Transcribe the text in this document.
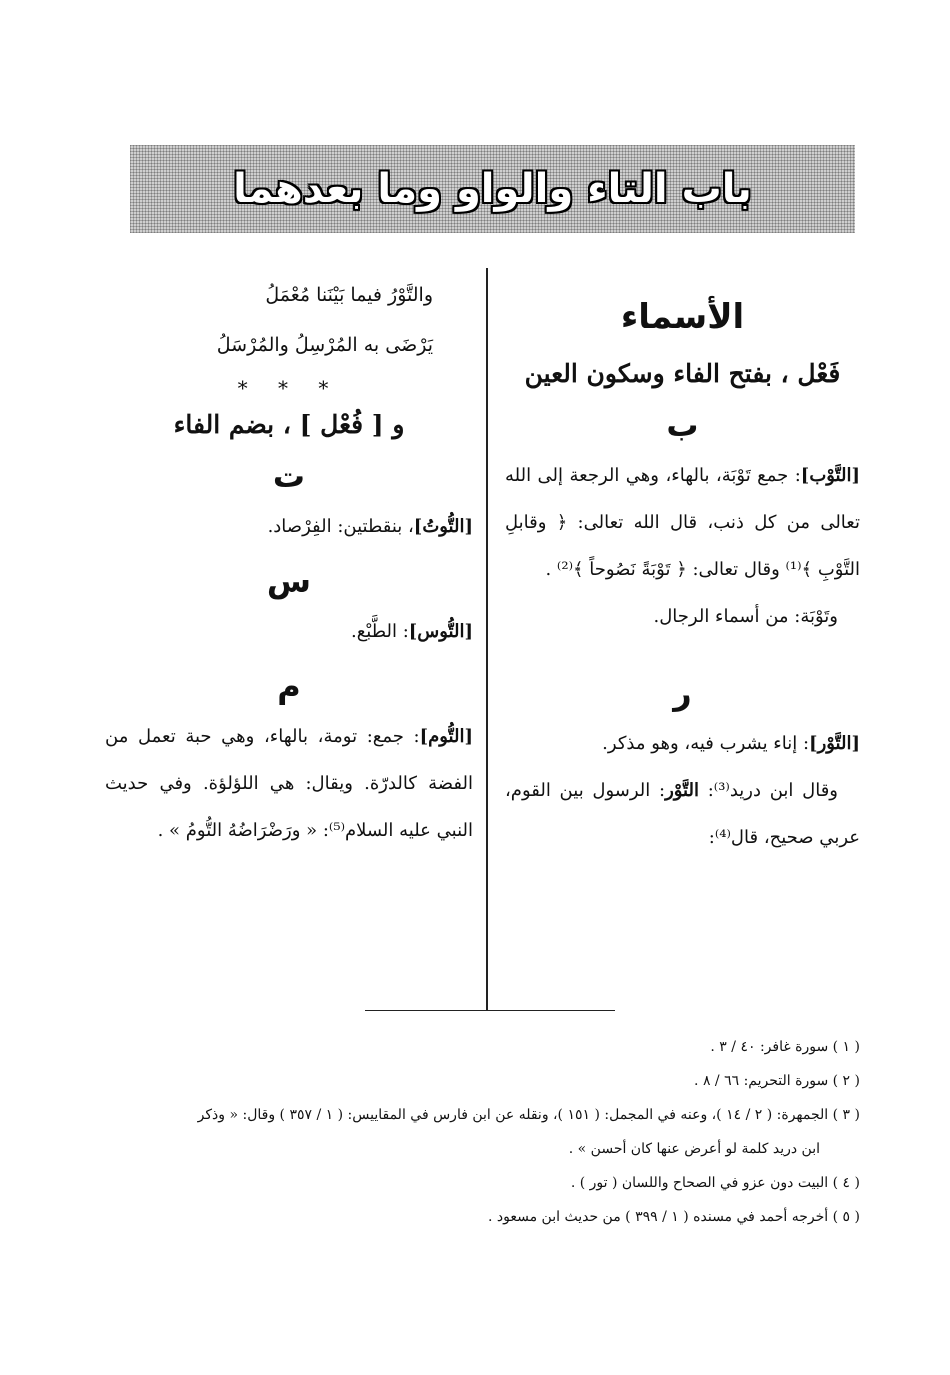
باب التاء والواو وما بعدهما
الأسماء
فَعْل ، بفتح الفاء وسكون العين
ب

[التَّوْب]: جمع تَوْبَة، بالهاء، وهي الرجعة إلى الله تعالى من كل ذنب، قال الله تعالى: ﴿ وقابلِ التَّوْبِ ﴾⁽¹⁾ وقال تعالى: ﴿ تَوْبَةً نَصُوحاً ﴾⁽²⁾ .

وتَوْبَة: من أسماء الرجال.

ر

[التَّوْر]: إناء يشرب فيه، وهو مذكر.

وقال ابن دريد⁽³⁾: التَّوْر: الرسول بين القوم، عربي صحيح، قال⁽⁴⁾:

والتَّوْرُ فيما بَيْنَنا مُعْمَلُ

يَرْضَى به المُرْسِلُ والمُرْسَلُ

* * *
و [ فُعْل ] ، بضم الفاء
ت

[التُّوتُ]، بنقطتين: الفِرْصاد.

س

[التُّوس]: الطَّبْع.

م

[التُّوم]: جمع: تومة، بالهاء، وهي حبة تعمل من الفضة كالدرّة. ويقال: هي اللؤلؤة. وفي حديث النبي عليه السلام⁽⁵⁾: « ورَضْرَاضُهُ التُّومُ » .

( ١ ) سورة غافر: ٤٠ / ٣ .

( ٢ ) سورة التحريم: ٦٦ / ٨ .

( ٣ ) الجمهرة: ( ٢ / ١٤ )، وعنه في المجمل: ( ١٥١ )، ونقله عن ابن فارس في المقاييس: ( ١ / ٣٥٧ ) وقال: « وذكر

ابن دريد كلمة لو أعرض عنها كان أحسن » .

( ٤ ) البيت دون عزو في الصحاح واللسان ( تور ) .

( ٥ ) أخرجه أحمد في مسنده ( ١ / ٣٩٩ ) من حديث ابن مسعود .
